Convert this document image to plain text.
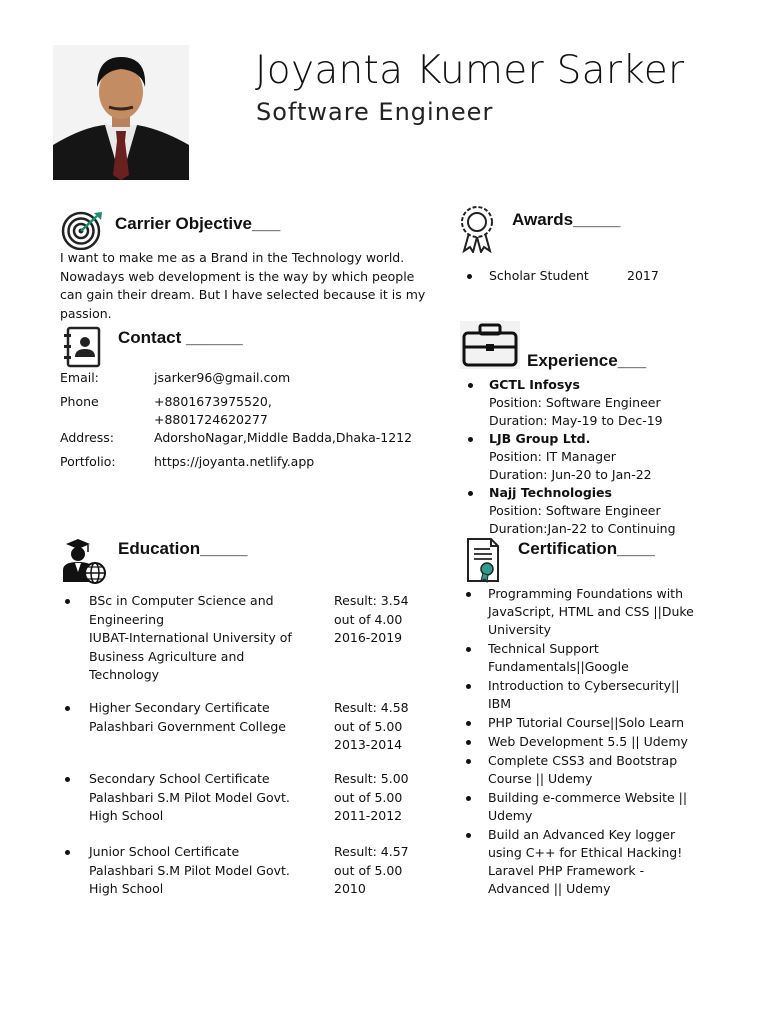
Joyanta Kumer Sarker
Software Engineer
Carrier Objective___
I want to make me as a Brand in the Technology world. Nowadays web development is the way by which people can gain their dream. But I have selected because it is my passion.
Awards_____
Scholar Student	2017
Contact ______
Email:	jsarker96@gmail.com
Phone	+8801673975520,
+8801724620277
Address:	AdorshoNagar,Middle Badda,Dhaka-1212
Portfolio:	https://joyanta.netlify.app
Experience___
GCTL Infosys
Position: Software Engineer
Duration: May-19 to Dec-19
LJB Group Ltd.
Position: IT Manager
Duration: Jun-20 to Jan-22
Najj Technologies
Position: Software Engineer
Duration:Jan-22 to Continuing
Education_____
BSc in Computer Science and
Engineering
IUBAT-International University of
Business Agriculture and
Technology
Result: 3.54
out of 4.00
2016-2019
Higher Secondary Certificate
Palashbari Government College
Result: 4.58
out of 5.00
2013-2014
Secondary School Certificate
Palashbari S.M Pilot Model Govt.
High School
Result: 5.00
out of 5.00
2011-2012
Junior School Certificate
Palashbari S.M Pilot Model Govt.
High School
Result: 4.57
out of 5.00
2010
Certification____
Programming Foundations with
JavaScript, HTML and CSS ||Duke
University
Technical Support
Fundamentals||Google
Introduction to Cybersecurity||
IBM
PHP Tutorial Course||Solo Learn
Web Development 5.5 || Udemy
Complete CSS3 and Bootstrap
Course || Udemy
Building e-commerce Website ||
Udemy
Build an Advanced Key logger
using C++ for Ethical Hacking!
Laravel PHP Framework -
Advanced || Udemy
